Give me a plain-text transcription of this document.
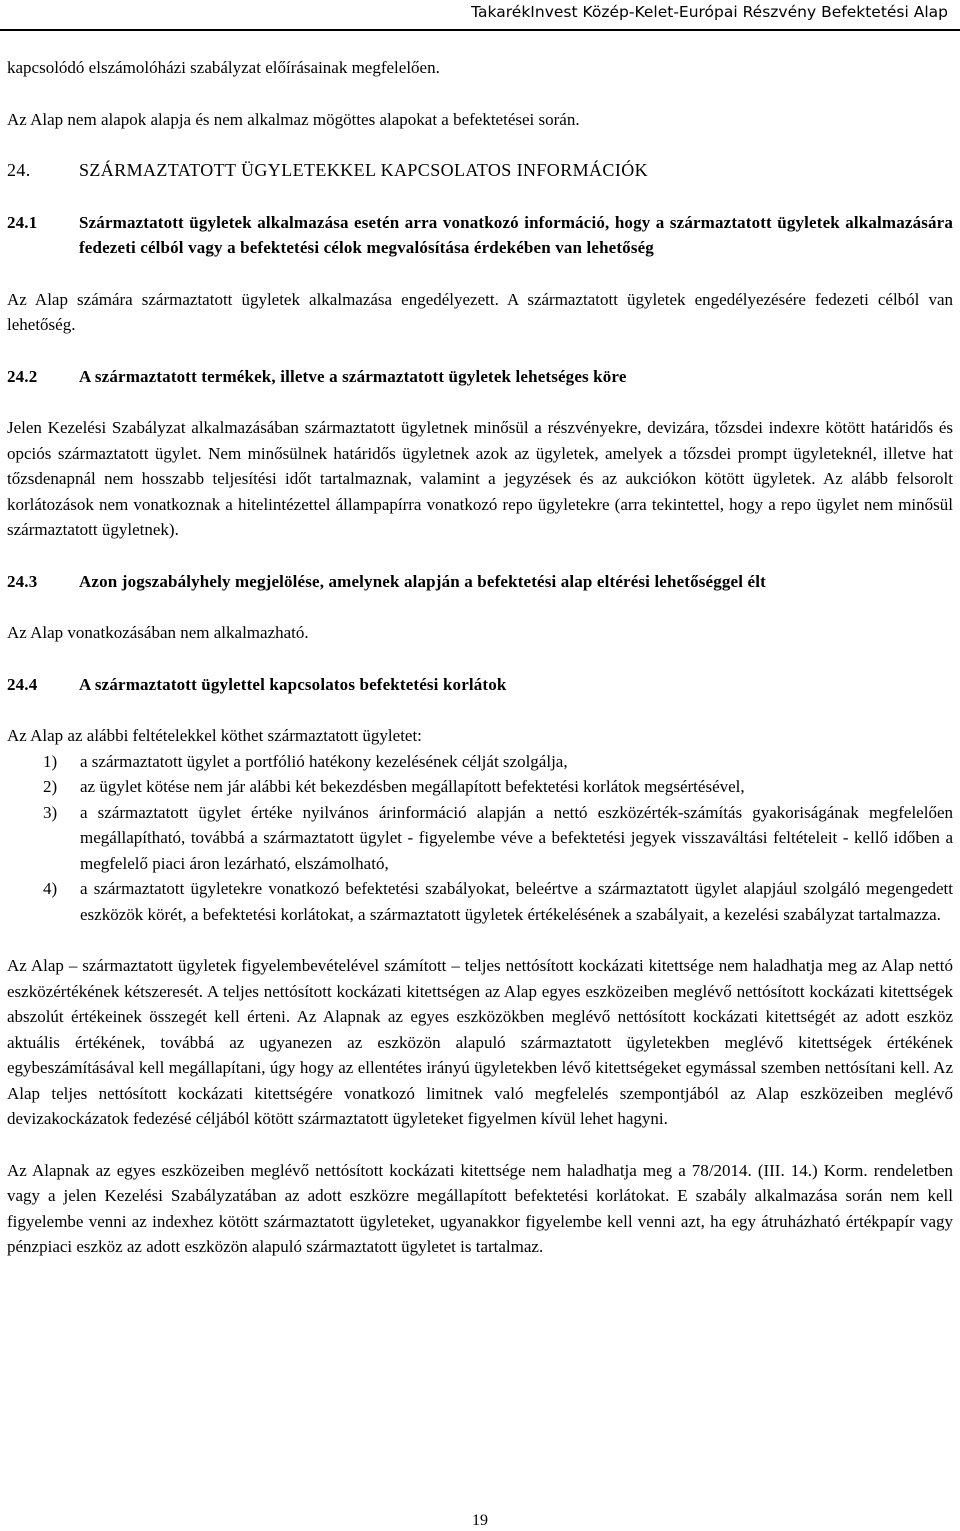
TakarékInvest Közép-Kelet-Európai Részvény Befektetési Alap

kapcsolódó elszámolóházi szabályzat előírásainak megfelelően.

Az Alap nem alapok alapja és nem alkalmaz mögöttes alapokat a befektetései során.

24.	SZÁRMAZTATOTT ÜGYLETEKKEL KAPCSOLATOS INFORMÁCIÓK
24.1 Származtatott ügyletek alkalmazása esetén arra vonatkozó információ, hogy a származtatott ügyletek alkalmazására fedezeti célból vagy a befektetési célok megvalósítása érdekében van lehetőség

Az Alap számára származtatott ügyletek alkalmazása engedélyezett. A származtatott ügyletek engedélyezésére fedezeti célból van lehetőség.

24.2 A származtatott termékek, illetve a származtatott ügyletek lehetséges köre

Jelen Kezelési Szabályzat alkalmazásában származtatott ügyletnek minősül a részvényekre, devizára, tőzsdei indexre kötött határidős és opciós származtatott ügylet. Nem minősülnek határidős ügyletnek azok az ügyletek, amelyek a tőzsdei prompt ügyleteknél, illetve hat tőzsdenapnál nem hosszabb teljesítési időt tartalmaznak, valamint a jegyzések és az aukciókon kötött ügyletek. Az alább felsorolt korlátozások nem vonatkoznak a hitelintézettel állampapírra vonatkozó repo ügyletekre (arra tekintettel, hogy a repo ügylet nem minősül származtatott ügyletnek).

24.3 Azon jogszabályhely megjelölése, amelynek alapján a befektetési alap eltérési lehetőséggel élt

Az Alap vonatkozásában nem alkalmazható.

24.4 A származtatott ügylettel kapcsolatos befektetési korlátok

Az Alap az alábbi feltételekkel köthet származtatott ügyletet:

1) a származtatott ügylet a portfólió hatékony kezelésének célját szolgálja,
2) az ügylet kötése nem jár alábbi két bekezdésben megállapított befektetési korlátok megsértésével,
3) a származtatott ügylet értéke nyilvános árinformáció alapján a nettó eszközérték-számítás gyakoriságának megfelelően megállapítható, továbbá a származtatott ügylet - figyelembe véve a befektetési jegyek visszaváltási feltételeit - kellő időben a megfelelő piaci áron lezárható, elszámolható,
4) a származtatott ügyletekre vonatkozó befektetési szabályokat, beleértve a származtatott ügylet alapjául szolgáló megengedett eszközök körét, a befektetési korlátokat, a származtatott ügyletek értékelésének a szabályait, a kezelési szabályzat tartalmazza.

Az Alap – származtatott ügyletek figyelembevételével számított – teljes nettósított kockázati kitettsége nem haladhatja meg az Alap nettó eszközértékének kétszeresét. A teljes nettósított kockázati kitettségen az Alap egyes eszközeiben meglévő nettósított kockázati kitettségek abszolút értékeinek összegét kell érteni. Az Alapnak az egyes eszközökben meglévő nettósított kockázati kitettségét az adott eszköz aktuális értékének, továbbá az ugyanezen az eszközön alapuló származtatott ügyletekben meglévő kitettségek értékének egybeszámításával kell megállapítani, úgy hogy az ellentétes irányú ügyletekben lévő kitettségeket egymással szemben nettósítani kell. Az Alap teljes nettósított kockázati kitettségére vonatkozó limitnek való megfelelés szempontjából az Alap eszközeiben meglévő devizakockázatok fedezésé céljából kötött származtatott ügyleteket figyelmen kívül lehet hagyni.

Az Alapnak az egyes eszközeiben meglévő nettósított kockázati kitettsége nem haladhatja meg a 78/2014. (III. 14.) Korm. rendeletben vagy a jelen Kezelési Szabályzatában az adott eszközre megállapított befektetési korlátokat. E szabály alkalmazása során nem kell figyelembe venni az indexhez kötött származtatott ügyleteket, ugyanakkor figyelembe kell venni azt, ha egy átruházható értékpapír vagy pénzpiaci eszköz az adott eszközön alapuló származtatott ügyletet is tartalmaz.

19
